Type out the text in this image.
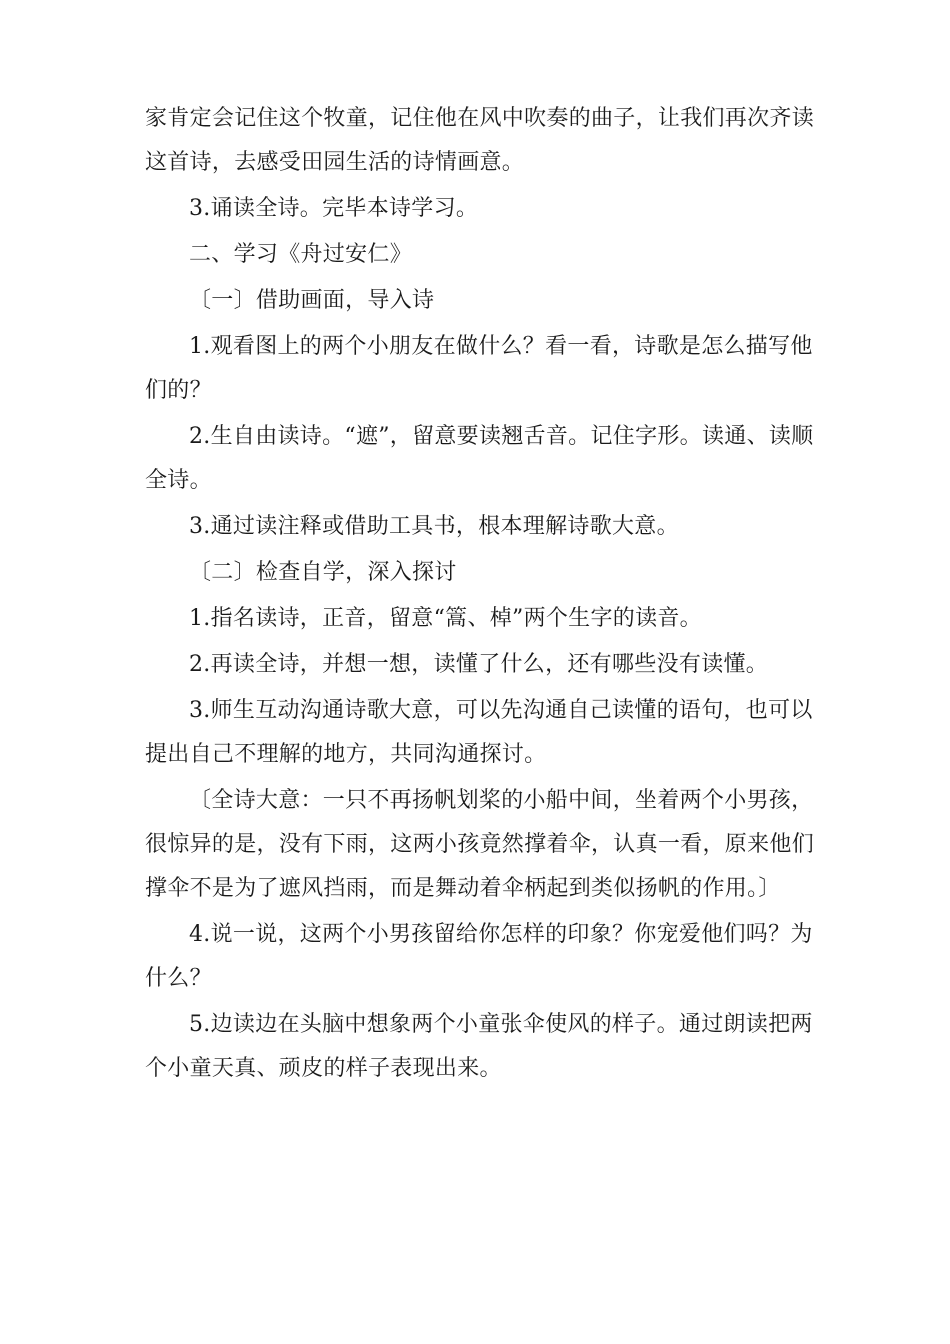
家肯定会记住这个牧童，记住他在风中吹奏的曲子，让我们再次齐读这首诗，去感受田园生活的诗情画意。

3.诵读全诗。完毕本诗学习。

二、学习《舟过安仁》

〔一〕借助画面，导入诗

1.观看图上的两个小朋友在做什么？看一看，诗歌是怎么描写他们的？

2.生自由读诗。“遮”，留意要读翘舌音。记住字形。读通、读顺全诗。

3.通过读注释或借助工具书，根本理解诗歌大意。

〔二〕检查自学，深入探讨

1.指名读诗，正音，留意“篙、棹”两个生字的读音。

2.再读全诗，并想一想，读懂了什么，还有哪些没有读懂。

3.师生互动沟通诗歌大意，可以先沟通自己读懂的语句，也可以提出自己不理解的地方，共同沟通探讨。

〔全诗大意：一只不再扬帆划桨的小船中间，坐着两个小男孩，很惊异的是，没有下雨，这两小孩竟然撑着伞，认真一看，原来他们撑伞不是为了遮风挡雨，而是舞动着伞柄起到类似扬帆的作用。〕

4.说一说，这两个小男孩留给你怎样的印象？你宠爱他们吗？为什么？

5.边读边在头脑中想象两个小童张伞使风的样子。通过朗读把两个小童天真、顽皮的样子表现出来。
